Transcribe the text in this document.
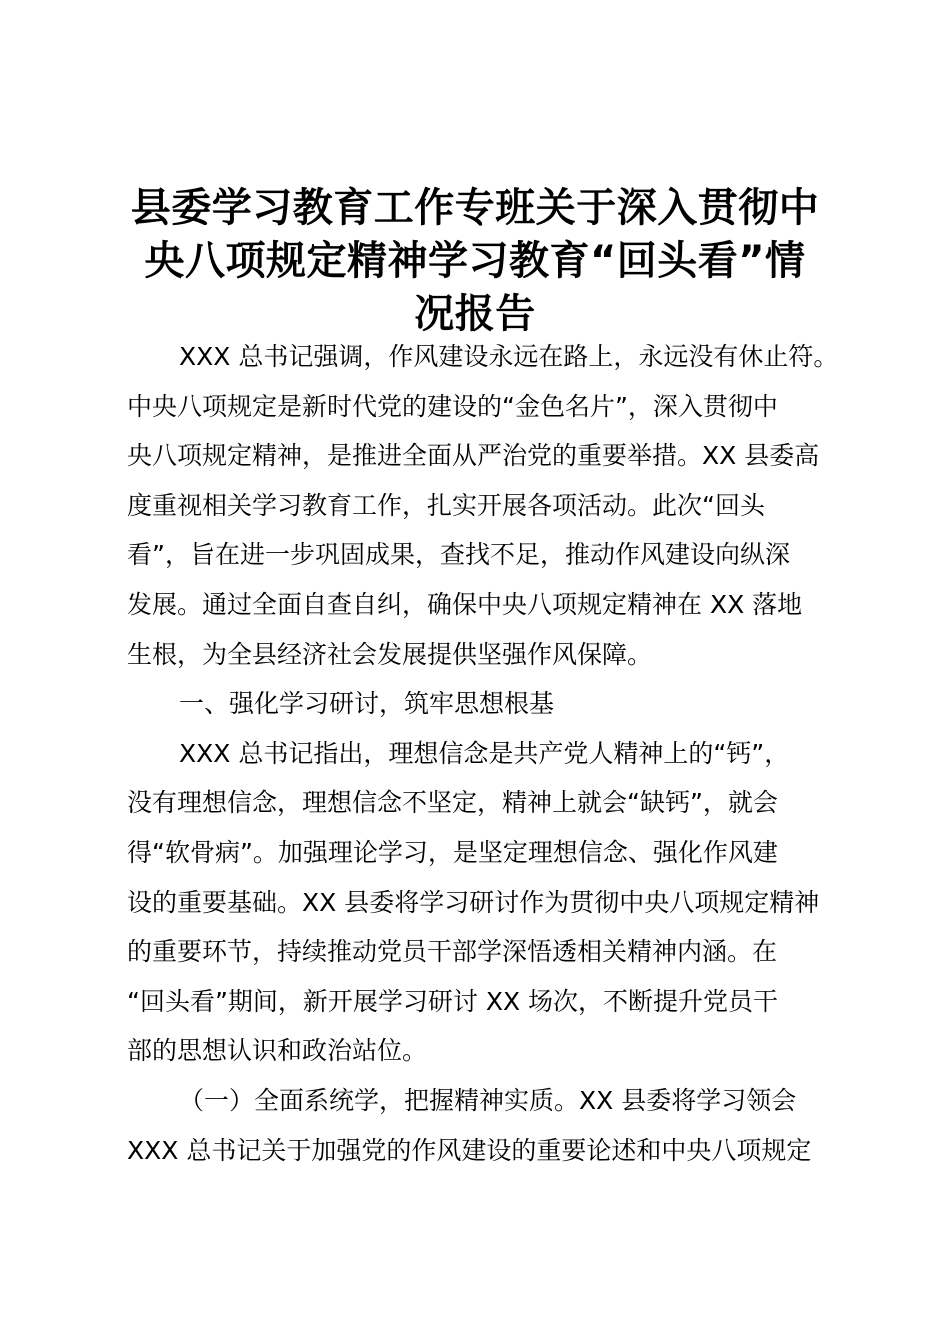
县委学习教育工作专班关于深入贯彻中
央八项规定精神学习教育“回头看”情
况报告
XXX 总书记强调，作风建设永远在路上，永远没有休止符。
中央八项规定是新时代党的建设的“金色名片”，深入贯彻中
央八项规定精神，是推进全面从严治党的重要举措。XX 县委高
度重视相关学习教育工作，扎实开展各项活动。此次“回头
看”，旨在进一步巩固成果，查找不足，推动作风建设向纵深
发展。通过全面自查自纠，确保中央八项规定精神在 XX 落地
生根，为全县经济社会发展提供坚强作风保障。
一、强化学习研讨，筑牢思想根基
XXX 总书记指出，理想信念是共产党人精神上的“钙”，
没有理想信念，理想信念不坚定，精神上就会“缺钙”，就会
得“软骨病”。加强理论学习，是坚定理想信念、强化作风建
设的重要基础。XX 县委将学习研讨作为贯彻中央八项规定精神
的重要环节，持续推动党员干部学深悟透相关精神内涵。在
“回头看”期间，新开展学习研讨 XX 场次，不断提升党员干
部的思想认识和政治站位。
（一）全面系统学，把握精神实质。XX 县委将学习领会
XXX 总书记关于加强党的作风建设的重要论述和中央八项规定
